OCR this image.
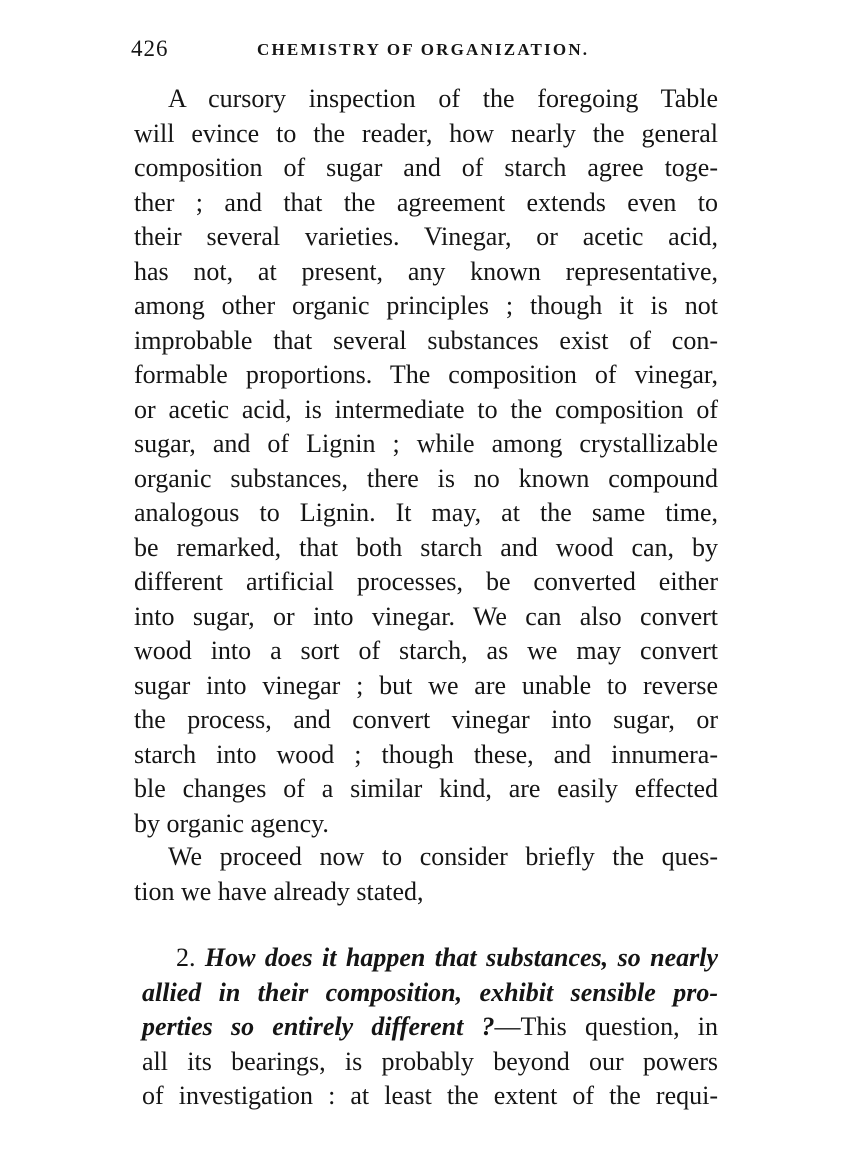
426	CHEMISTRY OF ORGANIZATION.
A cursory inspection of the foregoing Table
will evince to the reader, how nearly the general
composition of sugar and of starch agree toge-
ther ; and that the agreement extends even to
their several varieties. Vinegar, or acetic acid,
has not, at present, any known representative,
among other organic principles ; though it is not
improbable that several substances exist of con-
formable proportions. The composition of vinegar,
or acetic acid, is intermediate to the composition of
sugar, and of Lignin ; while among crystallizable
organic substances, there is no known compound
analogous to Lignin. It may, at the same time,
be remarked, that both starch and wood can, by
different artificial processes, be converted either
into sugar, or into vinegar. We can also convert
wood into a sort of starch, as we may convert
sugar into vinegar ; but we are unable to reverse
the process, and convert vinegar into sugar, or
starch into wood ; though these, and innumera-
ble changes of a similar kind, are easily effected
by organic agency.
We proceed now to consider briefly the ques-
tion we have already stated,
2. How does it happen that substances, so nearly
allied in their composition, exhibit sensible pro-
perties so entirely different ?—This question, in
all its bearings, is probably beyond our powers
of investigation : at least the extent of the requi-
